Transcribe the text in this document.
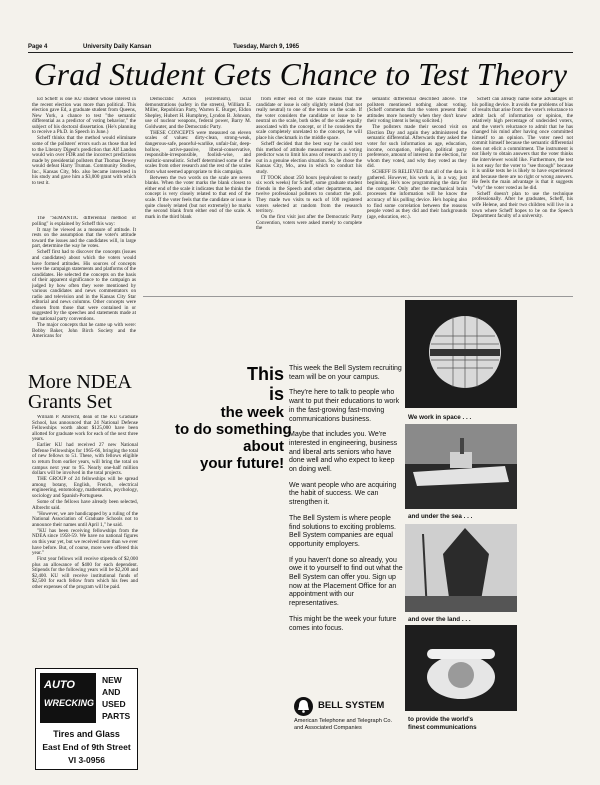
Page 4	University Daily Kansan	Tuesday, March 9, 1965
Grad Student Gets Chance to Test Theory

Ed Scheff is one KU student whose interest in the recent election was more than political. This election gave Ed, a graduate student from Queens, New York, a chance to test "the semantic differential as a predictor of voting behavior," the subject of his doctoral dissertation. (He's planning to receive a Ph.D. in Speech in June.)

Scheff thinks that the method would eliminate some of the pollsters' errors such as those that led to the Literary Digest's prediction that Alf Landon would win over FDR and the incorrect predictions made by presidential pollsters that Thomas Dewey would defeat Harry Truman. Community Studies, Inc., Kansas City, Mo. also became interested in his study and gave him a $3,000 grant with which to test it.

The "SEMANTIC differential method of polling" is explained by Scheff this way:

It may be viewed as a measure of attitude. It rests on the assumption that the voter's attitude toward the issues and the candidates will, in large part, determine the way he votes.

Scheff first had to discover the concepts (issues and candidates) about which the voters would have formed attitudes. His sources of concepts were the campaign statements and platforms of the candidates. He selected the concepts on the basis of their apparent significance to the campaign as judged by how often they were mentioned by various candidates and news commentators on radio and television and in the Kansas City Star editorial and news columns. Other concepts were chosen from those that were contained in or suggested by the speeches and statements made at the national party conventions.

The major concepts that he came up with were: Bobby Baker, John Birch Society and the Americans for

Democratic Action (extremism), racial demonstrations (safety in the streets), William E. Miller, Republican Party, Warren E. Burger, Eldon Shepley, Hubert H. Humphrey, Lyndon B. Johnson, use of nuclear weapons, federal power, Barry M. Goldwater, and the Democratic Party.

THESE CONCEPTS were measured on eleven scales of values: dirty-clean, strong-weak, dangerous-safe, peaceful-warlike, unfair-fair, deep-hollow, active-passive, liberal-conservative, responsible-irresponsible, foolish-wise, and realistic-unrealistic. Scheff determined some of the scales from other research and the rest of the scales from what seemed appropriate to this campaign.

Between the two words on the scale are seven blanks. When the voter marks the blank closest to either end of the scale it indicates that he thinks the concept is very closely related to that end of the scale. If the voter feels that the candidate or issue is quite closely related (but not extremely) he marks the second blank from either end of the scale. A mark in the third blank

from either end of the scale means that the candidate or issue is only slightly related (but not really neutral) to one of the terms on the scale. If the voter considers the candidate or issue to be neutral on the scale, both sides of the scale equally associated with the concept, or if he considers the scale completely unrelated to the concept, he will place his checkmark in the middle space.

Scheff decided that the best way he could test this method of attitude measurement as a voting predictor was to limit his area of research and try it out in a genuine election situation. So, he chose the Kansas City, Mo., area in which to conduct his study.

IT TOOK about 250 hours (equivalent to nearly six work weeks) for Scheff, some graduate student friends in the Speech and other departments, and twelve professional pollsters to conduct the poll. They made two visits to each of 100 registered voters selected at random from the research territory.

On the first visit just after the Democratic Party Convention, voters were asked merely to complete the

semantic differential described above. The pollsters mentioned nothing about voting. (Scheff comments that the voters present their attitudes more honestly when they don't know their voting intent is being solicited.)

The pollsters made their second visit on Election Day and again they administered the semantic differential. Afterwards they asked the voter for such information as age, education, income, occupation, religion, political party preference, amount of interest in the election, for whom they voted, and why they voted as they did.

SCHEFF IS RELIEVED that all of the data is gathered. However, his work is, in a way, just beginning. He's now programming the data for the computer. Only after the mechanical brain processes the information will he know the accuracy of his polling device. He's hoping also to find some correlation between the reasons people voted as they did and their backgrounds (age, education, etc.).

Scheff can already name some advantages of his polling device. It avoids the problems of bias of results that arise from: the voter's reluctance to admit lack of information or opinion, the relatively high percentage of undecided voters, and the voter's reluctance to admit that he has changed his mind after having once committed himself to an opinion. The voter need not commit himself because the semantic differential does not elicit a commitment. The instrument is not likely to obtain answers that the voter thinks the interviewer would like. Furthermore, the test is not easy for the voter to "see through" because it is unlike tests he is likely to have experienced and because there are no right or wrong answers. He feels the main advantage is that it suggests "why" the voter voted as he did.

Scheff doesn't plan to use the technique professionally. After he graduates, Scheff, his wife Helene, and their two children will live in a town where Scheff hopes to be on the Speech Department faculty of a university.

More NDEA Grants Set

William P. Albrecht, dean of the KU Graduate School, has announced that 24 National Defense Fellowships worth about $125,000 have been allotted for graduate work for each of the next three years.

Earlier KU had received 27 new National Defense Fellowships for 1965-66, bringing the total of new fellows to 51. These, with fellows eligible to return from earlier years, will bring the total on campus next year to 95. Nearly one-half million dollars will be involved in the total projects.

THE GROUP of 24 fellowships will be spread among botany, English, French, electrical engineering, entomology, mathematics, psychology, sociology and Spanish-Portuguese.

Some of the fellows have already been selected, Albrecht said.

"However, we are handicapped by a ruling of the National Association of Graduate Schools not to announce their names until April 1," he said.

"KU has been receiving fellowships from the NDEA since 1958-59. We have no national figures on this year yet, but we received more than we ever have before. But, of course, more were offered this year."

First year fellows will receive stipends of $2,000 plus an allowance of $400 for each dependent. Stipends for the following years will be $2,200 and $2,400. KU will receive institutional funds of $2,500 for each fellow from which his fees and other expenses of the program will be paid.

AUTO
WRECKING
NEW
AND
USED
PARTS
Tires and Glass
East End of 9th Street
VI 3-0956
This
is
the week
to do something
about
your future!

This week the Bell System recruiting team will be on your campus.

They're here to talk to people who want to put their educations to work in the fast-growing fast-moving communications business.

Maybe that includes you. We're interested in engineering, business and liberal arts seniors who have done well and who expect to keep on doing well.

We want people who are acquiring the habit of success. We can strengthen it.

The Bell System is where people find solutions to exciting problems. Bell System companies are equal opportunity employers.

If you haven't done so already, you owe it to yourself to find out what the Bell System can offer you. Sign up now at the Placement Office for an appointment with our representatives.

This might be the week your future comes into focus.

We work in space . . .
and under the sea . . .
and over the land . . .
to provide the world's
finest communications
BELL SYSTEM
American Telephone and Telegraph Co.
and Associated Companies
